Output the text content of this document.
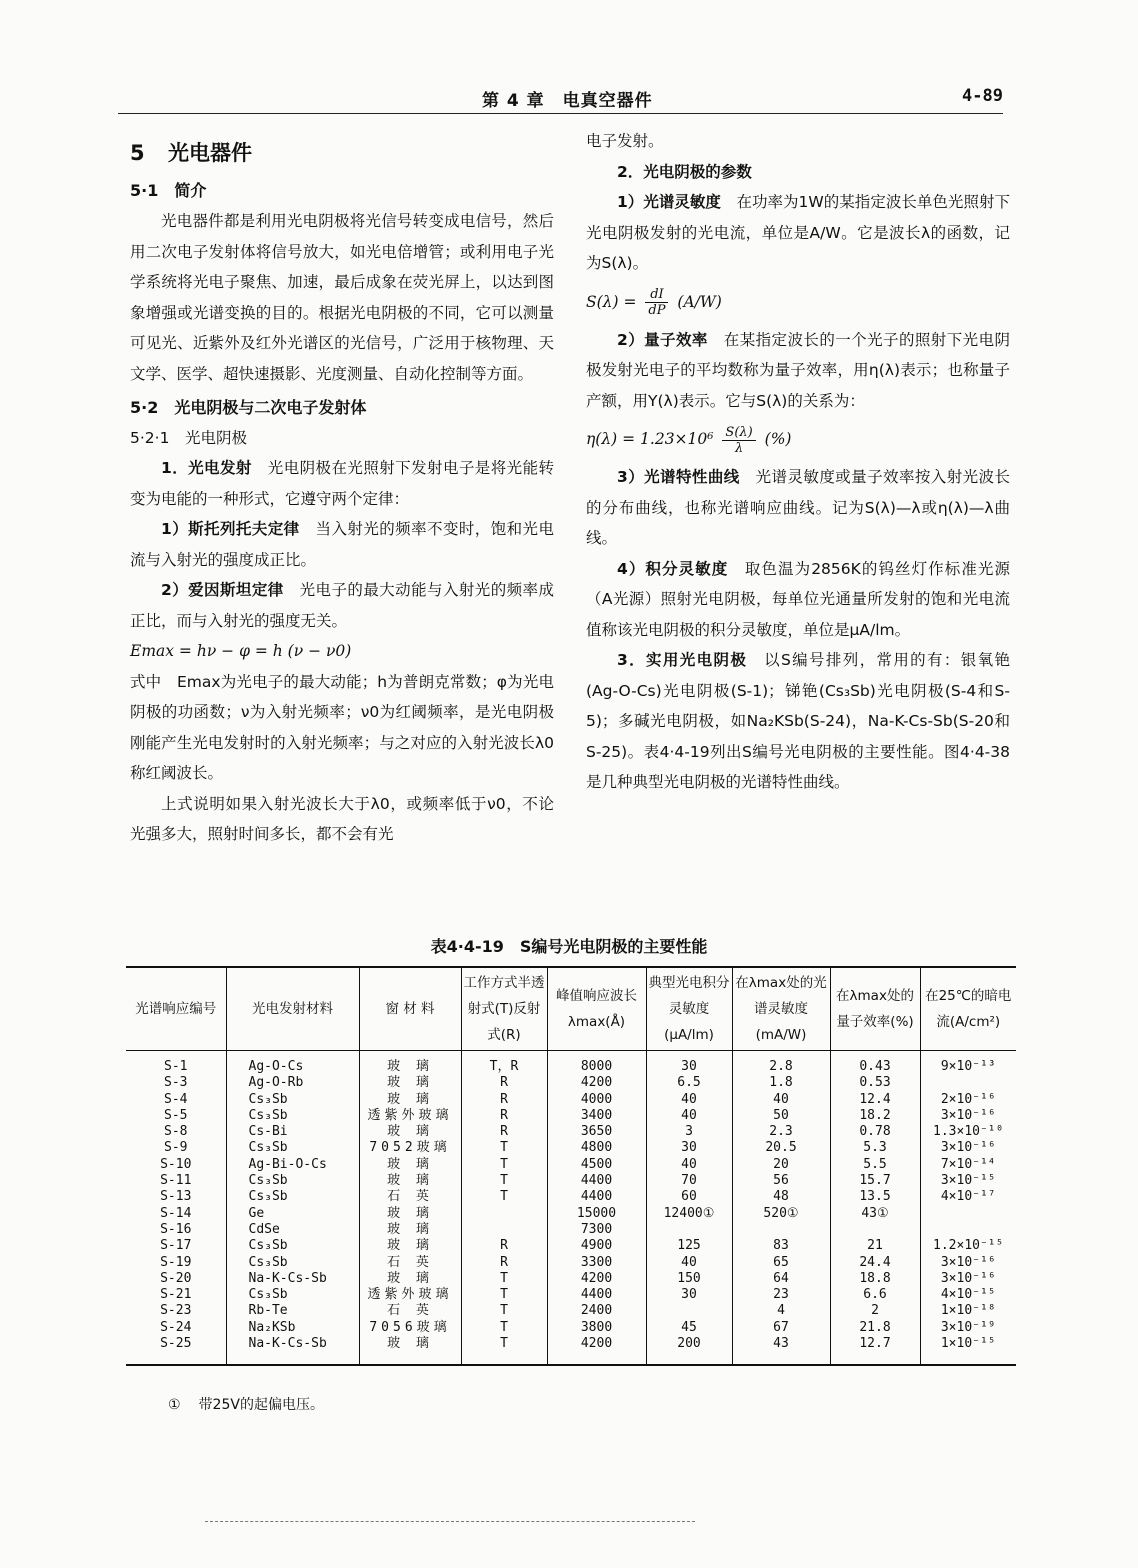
第 4 章　电真空器件	4-89
5 光电器件
5·1　简介

光电器件都是利用光电阴极将光信号转变成电信号，然后用二次电子发射体将信号放大，如光电倍增管；或利用电子光学系统将光电子聚焦、加速，最后成象在荧光屏上，以达到图象增强或光谱变换的目的。根据光电阴极的不同，它可以测量可见光、近紫外及红外光谱区的光信号，广泛用于核物理、天文学、医学、超快速摄影、光度测量、自动化控制等方面。

5·2　光电阴极与二次电子发射体
5·2·1　光电阴极

1．光电发射　 光电阴极在光照射下发射电子是将光能转变为电能的一种形式，它遵守两个定律：

1）斯托列托夫定律　 当入射光的频率不变时，饱和光电流与入射光的强度成正比。

2）爱因斯坦定律　 光电子的最大动能与入射光的频率成正比，而与入射光的强度无关。

Emax = hν − φ = h (ν − ν0)

式中　Emax为光电子的最大动能；h为普朗克常数；φ为光电阴极的功函数；ν为入射光频率；ν0为红阈频率，是光电阴极刚能产生光电发射时的入射光频率；与之对应的入射光波长λ0称红阈波长。

上式说明如果入射光波长大于λ0，或频率低于ν0，不论光强多大，照射时间多长，都不会有光

电子发射。

2．光电阴极的参数

1）光谱灵敏度　 在功率为1W的某指定波长单色光照射下光电阴极发射的光电流，单位是A/W。它是波长λ的函数，记为S(λ)。

$S(\lambda) = \frac{dI}{dP} (A/W)$

2）量子效率　 在某指定波长的一个光子的照射下光电阴极发射光电子的平均数称为量子效率，用η(λ)表示；也称量子产额，用Y(λ)表示。它与S(λ)的关系为：

$\eta(\lambda) = 1.23\times 10^6 \frac{S(\lambda)}{\lambda}$ (%)

3）光谱特性曲线　 光谱灵敏度或量子效率按入射光波长的分布曲线，也称光谱响应曲线。记为S(λ)—λ或η(λ)—λ曲线。

4）积分灵敏度　 取色温为2856K的钨丝灯作标准光源（A光源）照射光电阴极，每单位光通量所发射的饱和光电流值称该光电阴极的积分灵敏度，单位是μA/lm。

3．实用光电阴极　 以S编号排列，常用的有：银氧铯(Ag-O-Cs)光电阴极(S-1)；锑铯(Cs₃Sb)光电阴极(S-4和S-5)；多碱光电阴极，如Na₂KSb(S-24)，Na-K-Cs-Sb(S-20和S-25)。表4·4-19列出S编号光电阴极的主要性能。图4·4-38是几种典型光电阴极的光谱特性曲线。

表4·4-19　S编号光电阴极的主要性能
光谱响应编号	光电发射材料	窗 材 料	工作方式半透射式(T)反射式(R)	峰值响应波长 λmax(Å)	典型光电积分灵敏度(μA/lm)	在λmax处的光谱灵敏度(mA/W)	在λmax处的量子效率(%)	在25℃的暗电流(A/cm²)
S-1	Ag-O-Cs	玻 璃	T，R	8000	30	2.8	0.43	9×10⁻¹³
S-3	Ag-O-Rb	玻 璃	R	4200	6.5	1.8	0.53	
S-4	Cs₃Sb	玻 璃	R	4000	40	40	12.4	2×10⁻¹⁶
S-5	Cs₃Sb	透紫外玻璃	R	3400	40	50	18.2	3×10⁻¹⁶
S-8	Cs-Bi	玻 璃	R	3650	3	2.3	0.78	1.3×10⁻¹⁰
S-9	Cs₃Sb	7052玻璃	T	4800	30	20.5	5.3	3×10⁻¹⁶
S-10	Ag-Bi-O-Cs	玻 璃	T	4500	40	20	5.5	7×10⁻¹⁴
S-11	Cs₃Sb	玻 璃	T	4400	70	56	15.7	3×10⁻¹⁵
S-13	Cs₃Sb	石 英	T	4400	60	48	13.5	4×10⁻¹⁷
S-14	Ge	玻 璃		15000	12400①	520①	43①	
S-16	CdSe	玻 璃		7300				
S-17	Cs₃Sb	玻 璃	R	4900	125	83	21	1.2×10⁻¹⁵
S-19	Cs₃Sb	石 英	R	3300	40	65	24.4	3×10⁻¹⁶
S-20	Na-K-Cs-Sb	玻 璃	T	4200	150	64	18.8	3×10⁻¹⁶
S-21	Cs₃Sb	透紫外玻璃	T	4400	30	23	6.6	4×10⁻¹⁵
S-23	Rb-Te	石 英	T	2400		4	2	1×10⁻¹⁸
S-24	Na₂KSb	7056玻璃	T	3800	45	67	21.8	3×10⁻¹⁹
S-25	Na-K-Cs-Sb	玻 璃	T	4200	200	43	12.7	1×10⁻¹⁵
① 带25V的起偏电压。
